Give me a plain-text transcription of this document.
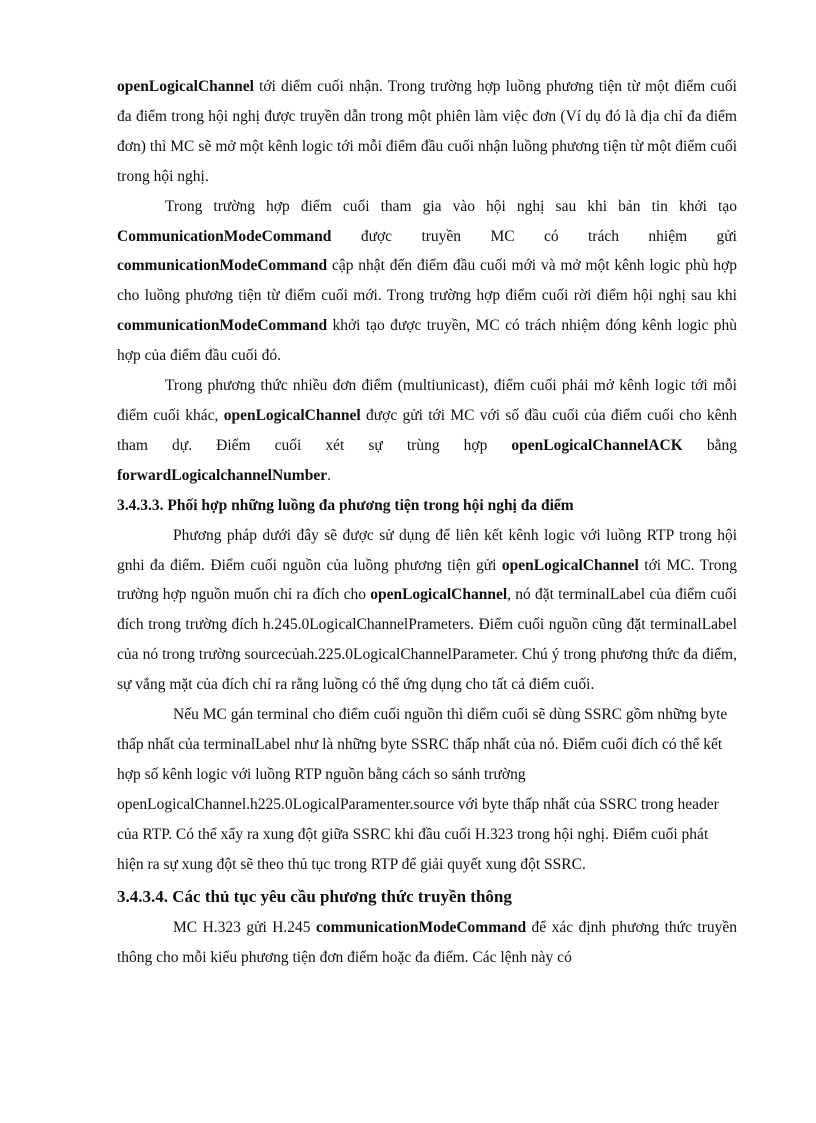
openLogicalChannel tới diểm cuối nhận. Trong trường hợp luồng phương tiện từ một điểm cuối đa điểm trong hội nghị được truyền dẫn trong một phiên làm việc đơn (Ví dụ đó là địa chỉ đa điểm đơn) thì MC sẽ mở một kênh logic tới mỗi điểm đầu cuối nhận luồng phương tiện từ một điểm cuối trong hội nghị.

Trong trường hợp điểm cuối tham gia vào hội nghị sau khi bản tin khởi tạo CommunicationModeCommand được truyền MC có trách nhiệm gửi communicationModeCommand cập nhật đến điểm đầu cuối mới và mở một kênh logic phù hợp cho luồng phương tiện từ điểm cuối mới. Trong trường hợp điểm cuối rời điểm hội nghị sau khi communicationModeCommand khởi tạo được truyền, MC có trách nhiệm đóng kênh logic phù hợp của điểm đầu cuối đó.

Trong phương thức nhiều đơn điểm (multiunicast), điểm cuối phải mở kênh logic tới mỗi điểm cuối khác, openLogicalChannel được gửi tới MC với số đầu cuối của điểm cuối cho kênh tham dự. Điểm cuối xét sự trùng hợp openLogicalChannelACK bằng forwardLogicalchannelNumber.

3.4.3.3. Phối hợp những luồng đa phương tiện trong hội nghị đa điểm

Phương pháp dưới đây sẽ được sử dụng để liên kết kênh logic với luồng RTP trong hội gnhi đa điểm. Điểm cuối nguồn của luồng phương tiện gửi openLogicalChannel tới MC. Trong trường hợp nguồn muốn chỉ ra đích cho openLogicalChannel, nó đặt terminalLabel của điểm cuối đích trong trường đích h.245.0LogicalChannelPrameters. Điểm cuối nguồn cũng đặt terminalLabel của nó trong trường sourcecủah.225.0LogicalChannelParameter. Chú ý trong phương thức đa điểm, sự vắng mặt của đích chỉ ra rằng luồng có thể ứng dụng cho tất cả điểm cuối.

Nếu MC gán terminal cho điểm cuối nguồn thì diểm cuối sẽ dùng SSRC gồm những byte thấp nhất của terminalLabel như là những byte SSRC thấp nhất của nó. Điểm cuối đích có thể kết hợp số kênh logic với luồng RTP nguồn bằng cách so sánh trường openLogicalChannel.h225.0LogicalParamenter.source với byte thấp nhất của SSRC trong header của RTP. Có thể xẩy ra xung đột giữa SSRC khi đầu cuối H.323 trong hội nghị. Điểm cuối phát hiện ra sự xung đột sẽ theo thủ tục trong RTP để giải quyết xung đột SSRC.

3.4.3.4. Các thủ tục yêu cầu phương thức truyền thông

MC H.323 gửi H.245 communicationModeCommand để xác định phương thức truyền thông cho mỗi kiểu phương tiện đơn điểm hoặc đa điểm. Các lệnh này có
